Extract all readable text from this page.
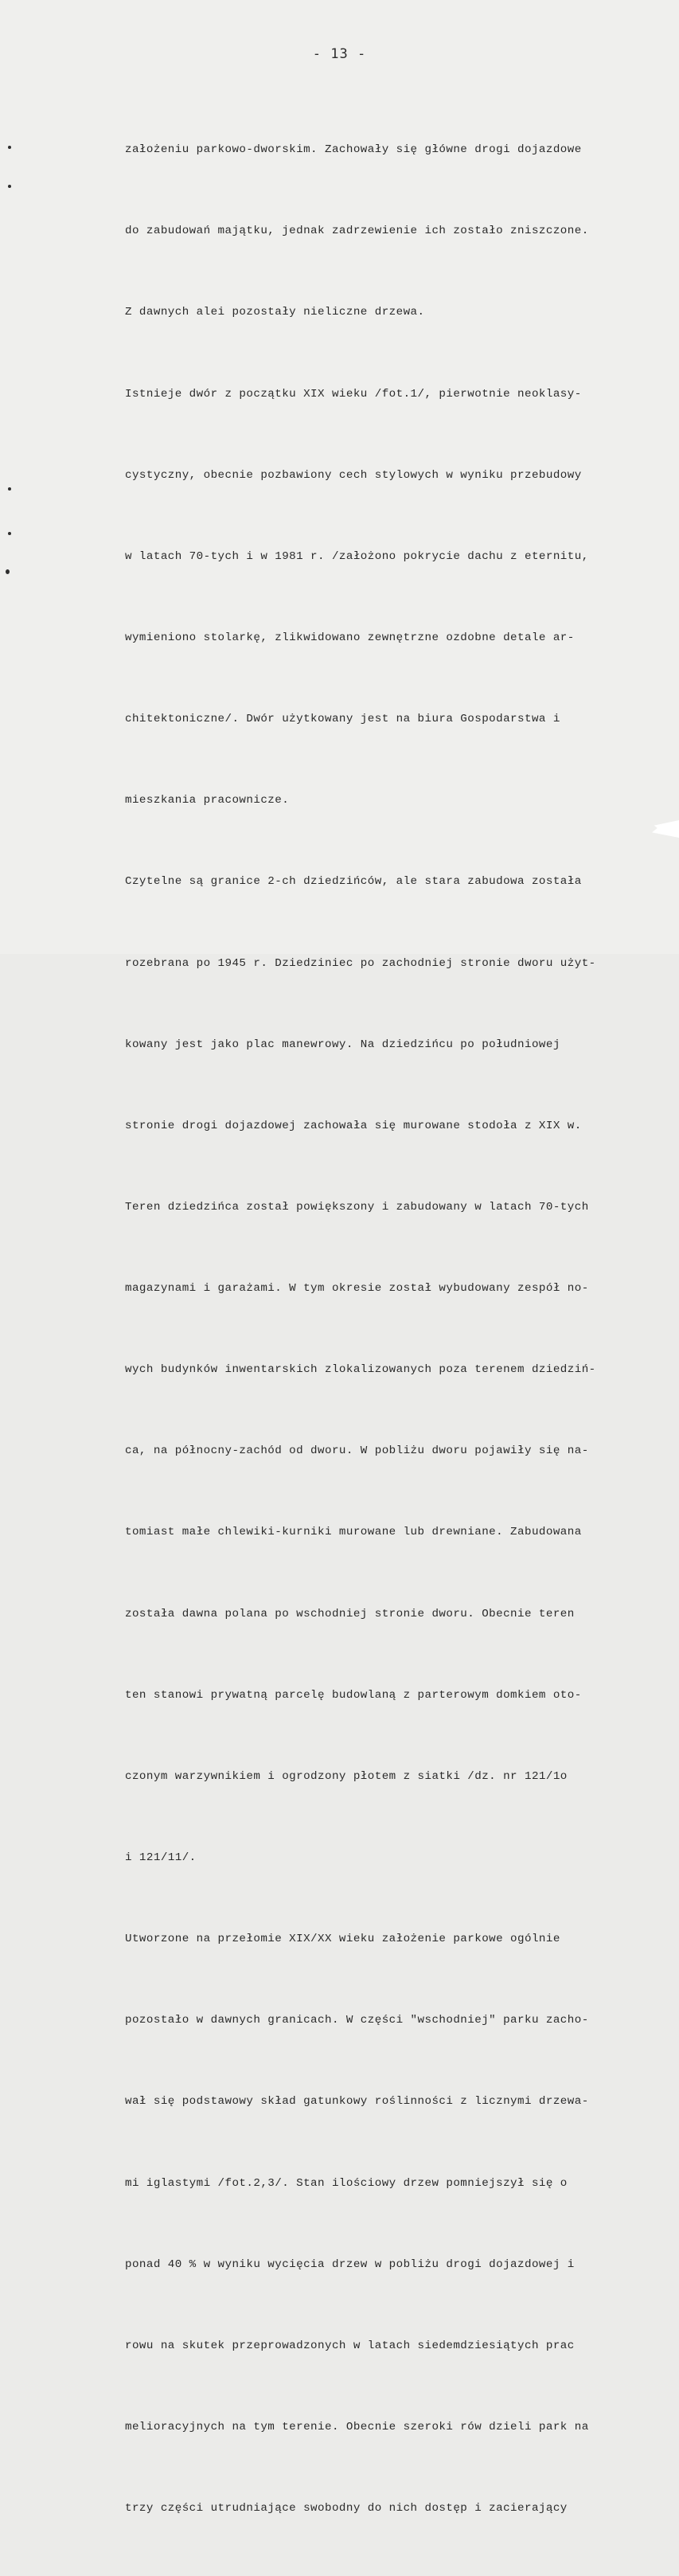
- 13 -

założeniu parkowo-dworskim. Zachowały się główne drogi dojazdowe

do zabudowań majątku, jednak zadrzewienie ich zostało zniszczone.

Z dawnych alei pozostały nieliczne drzewa.

Istnieje dwór z początku XIX wieku /fot.1/, pierwotnie neoklasy-

cystyczny, obecnie pozbawiony cech stylowych w wyniku przebudowy

w latach 70-tych i w 1981 r. /założono pokrycie dachu z eternitu,

wymieniono stolarkę, zlikwidowano zewnętrzne ozdobne detale ar-

chitektoniczne/. Dwór użytkowany jest na biura Gospodarstwa i

mieszkania pracownicze.

Czytelne są granice 2-ch dziedzińców, ale stara zabudowa została

rozebrana po 1945 r. Dziedziniec po zachodniej stronie dworu użyt-

kowany jest jako plac manewrowy. Na dziedzińcu po południowej

stronie drogi dojazdowej zachowała się murowane stodoła z XIX w.

Teren dziedzińca został powiększony i zabudowany w latach 70-tych

magazynami i garażami. W tym okresie został wybudowany zespół no-

wych budynków inwentarskich zlokalizowanych poza terenem dziedziń-

ca, na północny-zachód od dworu. W pobliżu dworu pojawiły się na-

tomiast małe chlewiki-kurniki murowane lub drewniane. Zabudowana

została dawna polana po wschodniej stronie dworu. Obecnie teren

ten stanowi prywatną parcelę budowlaną z parterowym domkiem oto-

czonym warzywnikiem i ogrodzony płotem z siatki /dz. nr 121/1o

i 121/11/.

Utworzone na przełomie XIX/XX wieku założenie parkowe ogólnie

pozostało w dawnych granicach. W części "wschodniej" parku zacho-

wał się podstawowy skład gatunkowy roślinności z licznymi drzewa-

mi iglastymi /fot.2,3/. Stan ilościowy drzew pomniejszył się o

ponad 40 % w wyniku wycięcia drzew w pobliżu drogi dojazdowej i

rowu na skutek przeprowadzonych w latach siedemdziesiątych prac

melioracyjnych na tym terenie. Obecnie szeroki rów dzieli park na

trzy części utrudniające swobodny do nich dostęp i zacierający
